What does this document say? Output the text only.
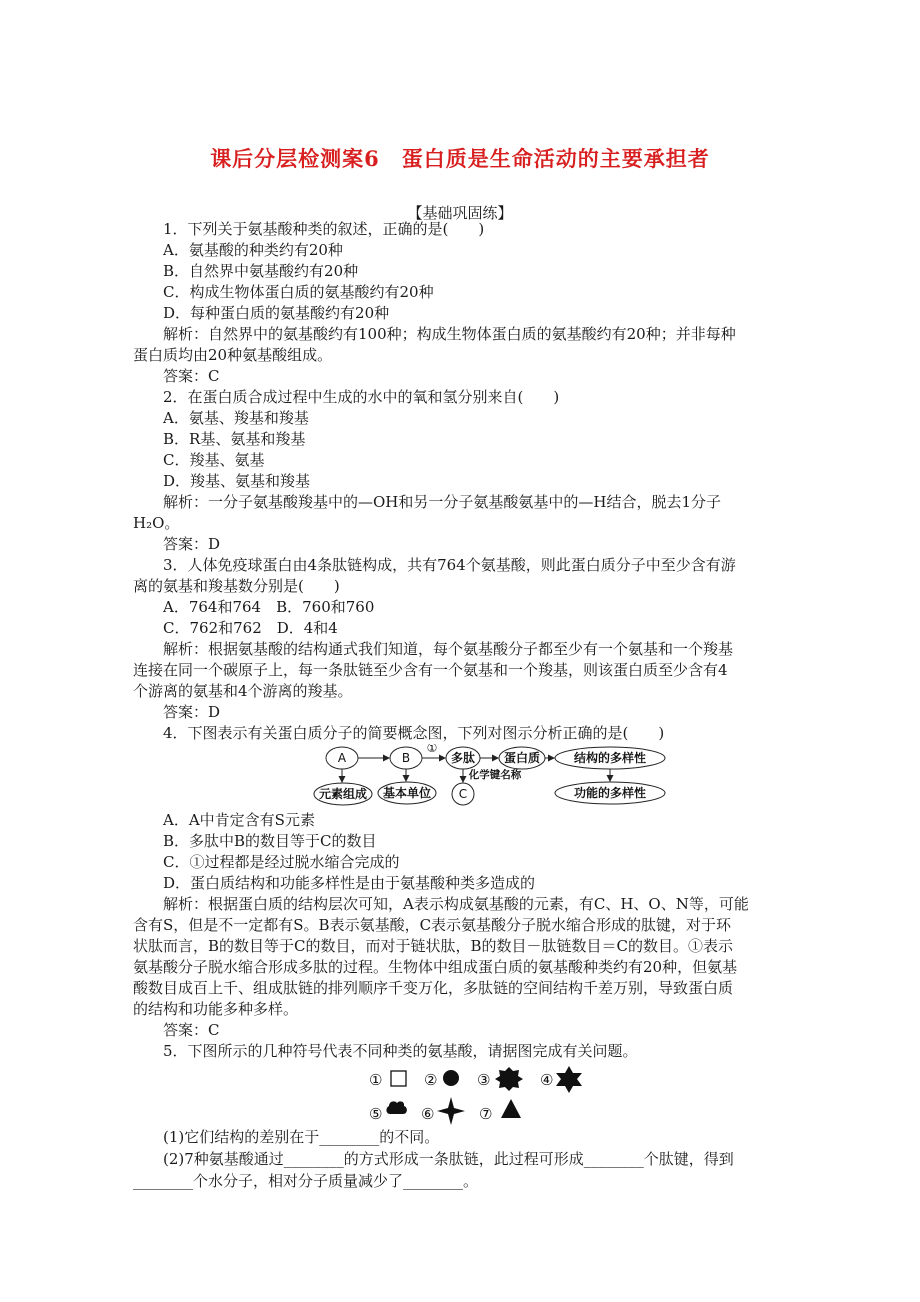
课后分层检测案6　蛋白质是生命活动的主要承担者
【基础巩固练】
1．下列关于氨基酸种类的叙述，正确的是(　　)
A．氨基酸的种类约有20种
B．自然界中氨基酸约有20种
C．构成生物体蛋白质的氨基酸约有20种
D．每种蛋白质的氨基酸约有20种
解析：自然界中的氨基酸约有100种；构成生物体蛋白质的氨基酸约有20种；并非每种
蛋白质均由20种氨基酸组成。
答案：C
2．在蛋白质合成过程中生成的水中的氧和氢分别来自(　　)
A．氨基、羧基和羧基
B．R基、氨基和羧基
C．羧基、氨基
D．羧基、氨基和羧基
解析：一分子氨基酸羧基中的—OH和另一分子氨基酸氨基中的—H结合，脱去1分子
H₂O。
答案：D
3．人体免疫球蛋白由4条肽链构成，共有764个氨基酸，则此蛋白质分子中至少含有游
离的氨基和羧基数分别是(　　)
A．764和764　B．760和760
C．762和762　D．4和4
解析：根据氨基酸的结构通式我们知道，每个氨基酸分子都至少有一个氨基和一个羧基
连接在同一个碳原子上，每一条肽链至少含有一个氨基和一个羧基，则该蛋白质至少含有4
个游离的氨基和4个游离的羧基。
答案：D
4．下图表示有关蛋白质分子的简要概念图，下列对图示分析正确的是(　　)
A	B
①
多肽 蛋白质	结构的多样性
功能的多样性
元素组成 基本单位 C
化学键名称
A．A中肯定含有S元素
B．多肽中B的数目等于C的数目
C．①过程都是经过脱水缩合完成的
D．蛋白质结构和功能多样性是由于氨基酸种类多造成的
解析：根据蛋白质的结构层次可知，A表示构成氨基酸的元素，有C、H、O、N等，可能
含有S，但是不一定都有S。B表示氨基酸，C表示氨基酸分子脱水缩合形成的肽键，对于环
状肽而言，B的数目等于C的数目，而对于链状肽，B的数目－肽链数目＝C的数目。①表示
氨基酸分子脱水缩合形成多肽的过程。生物体中组成蛋白质的氨基酸种类约有20种，但氨基
酸数目成百上千、组成肽链的排列顺序千变万化，多肽链的空间结构千差万别，导致蛋白质
的结构和功能多种多样。
答案：C
5．下图所示的几种符号代表不同种类的氨基酸，请据图完成有关问题。
①	②	③	④
⑤	⑥	⑦
(1)它们结构的差别在于________的不同。
(2)7种氨基酸通过________的方式形成一条肽链，此过程可形成________个肽键，得到
________个水分子，相对分子质量减少了________。
